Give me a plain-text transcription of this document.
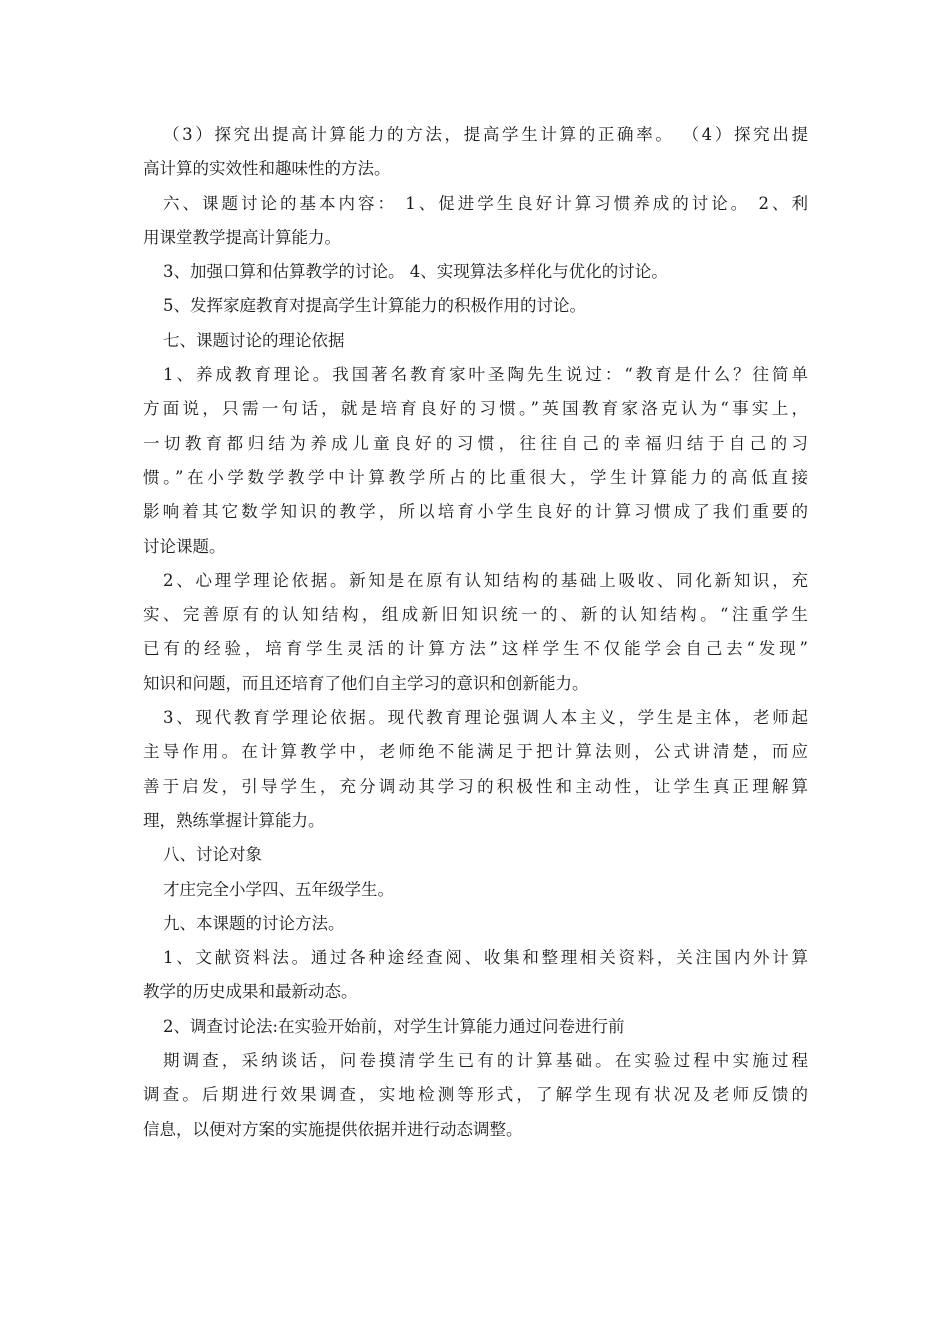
（3）探究出提高计算能力的方法，提高学生计算的正确率。 （4）探究出提
高计算的实效性和趣味性的方法。
六、课题讨论的基本内容： 1、促进学生良好计算习惯养成的讨论。 2、利
用课堂教学提高计算能力。
3、加强口算和估算教学的讨论。 4、实现算法多样化与优化的讨论。
5、发挥家庭教育对提高学生计算能力的积极作用的讨论。
七、课题讨论的理论依据
1、养成教育理论。我国著名教育家叶圣陶先生说过：“教育是什么？往简单
方面说，只需一句话，就是培育良好的习惯。”英国教育家洛克认为“事实上，
一切教育都归结为养成儿童良好的习惯，往往自己的幸福归结于自己的习
惯。”在小学数学教学中计算教学所占的比重很大，学生计算能力的高低直接
影响着其它数学知识的教学，所以培育小学生良好的计算习惯成了我们重要的
讨论课题。
2、心理学理论依据。新知是在原有认知结构的基础上吸收、同化新知识，充
实、完善原有的认知结构，组成新旧知识统一的、新的认知结构。“注重学生
已有的经验，培育学生灵活的计算方法”这样学生不仅能学会自己去“发现”
知识和问题，而且还培育了他们自主学习的意识和创新能力。
3、现代教育学理论依据。现代教育理论强调人本主义，学生是主体，老师起
主导作用。在计算教学中，老师绝不能满足于把计算法则，公式讲清楚，而应
善于启发，引导学生，充分调动其学习的积极性和主动性，让学生真正理解算
理，熟练掌握计算能力。
八、讨论对象
才庄完全小学四、五年级学生。
九、本课题的讨论方法。
1、文献资料法。通过各种途经查阅、收集和整理相关资料，关注国内外计算
教学的历史成果和最新动态。
2、调查讨论法:在实验开始前，对学生计算能力通过问卷进行前
期调查，采纳谈话，问卷摸清学生已有的计算基础。在实验过程中实施过程
调查。后期进行效果调查，实地检测等形式，了解学生现有状况及老师反馈的
信息，以便对方案的实施提供依据并进行动态调整。
